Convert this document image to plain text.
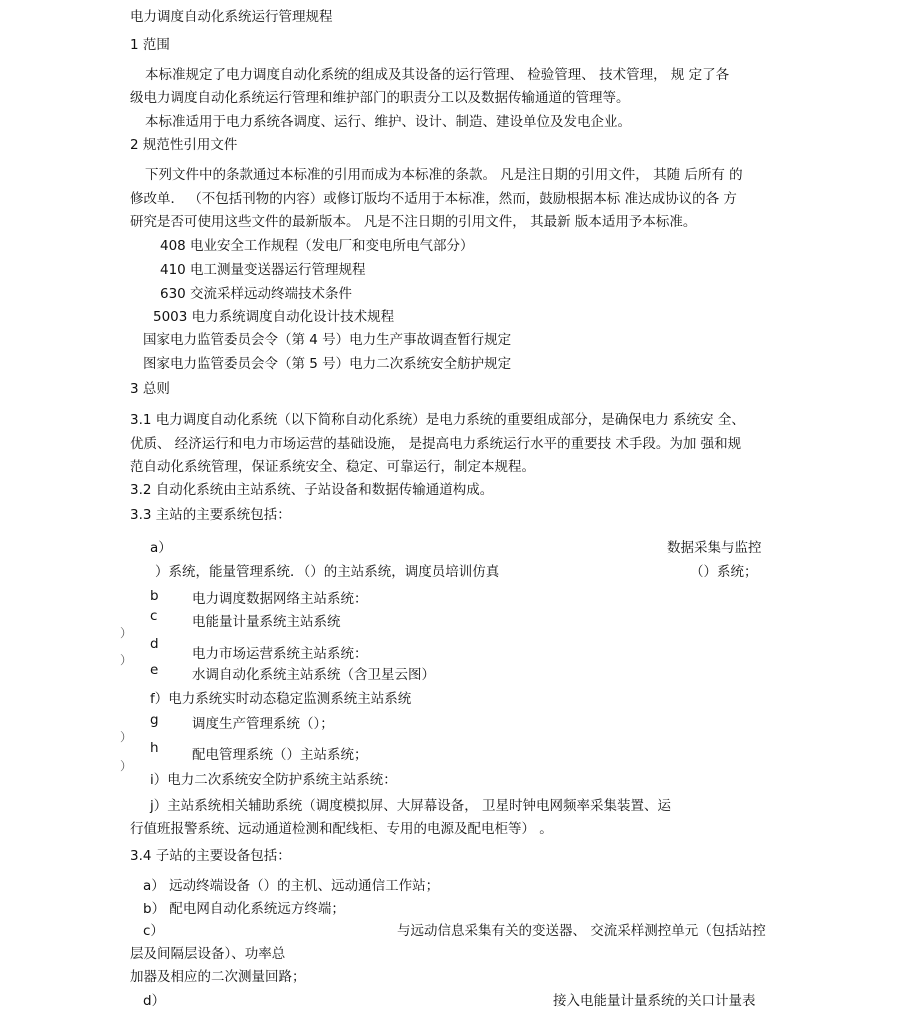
电力调度自动化系统运行管理规程
1 范围
本标准规定了电力调度自动化系统的组成及其设备的运行管理、 检验管理、 技术管理， 规 定了各
级电力调度自动化系统运行管理和维护部门的职责分工以及数据传输通道的管理等。
本标准适用于电力系统各调度、运行、维护、设计、制造、建设单位及发电企业。
2 规范性引用文件
下列文件中的条款通过本标准的引用而成为本标准的条款。 凡是注日期的引用文件， 其随 后所有 的
修改单． （不包括刊物的内容）或修订版均不适用于本标准，然而，鼓励根据本标 准达成协议的各 方
研究是否可使用这些文件的最新版本。 凡是不注日期的引用文件， 其最新 版本适用予本标准。
408 电业安全工作规程（发电厂和变电所电气部分）
410 电工测量变送器运行管理规程
630 交流采样远动终端技术条件
5003 电力系统调度自动化设计技术规程
国家电力监管委员会令（第 4 号）电力生产事故调查暂行规定
图家电力监管委员会令（第 5 号）电力二次系统安全舫护规定
3 总则
3.1 电力调度自动化系统（以下简称自动化系统）是电力系统的重要组成部分，是确保电力 系统安 全、
优质、 经济运行和电力市场运营的基础设施， 是提高电力系统运行水平的重要技 术手段。为加 强和规
范自动化系统管理，保证系统安全、稳定、可靠运行，制定本规程。
3.2 自动化系统由主站系统、子站设备和数据传输通道构成。
3.3 主站的主要系统包括：
a）	数据采集与监控
）系统，能量管理系统．（）的主站系统，调度员培训仿真	（）系统；
b 电力调度数据网络主站系统：
c	电能量计量系统主站系统
）
d
电力市场运营系统主站系统：
）
e 水调自动化系统主站系统（含卫星云图）
f）电力系统实时动态稳定监测系统主站系统
g 调度生产管理系统（）；
）
h 配电管理系统（）主站系统；
）
i）电力二次系统安全防护系统主站系统：
j）主站系统相关辅助系统（调度模拟屏、大屏幕设备， 卫星时钟电网频率采集装置、运
行值班报警系统、远动通道检测和配线柜、专用的电源及配电柜等） 。
3.4 子站的主要设备包括：
a） 远动终端设备（）的主机、远动通信工作站；
b） 配电网自动化系统远方终端；
c）	与远动信息采集有关的变送器、 交流采样测控单元（包括站控
层及间隔层设备）、功率总
加器及相应的二次测量回路；
d）	接入电能量计量系统的关口计量表
